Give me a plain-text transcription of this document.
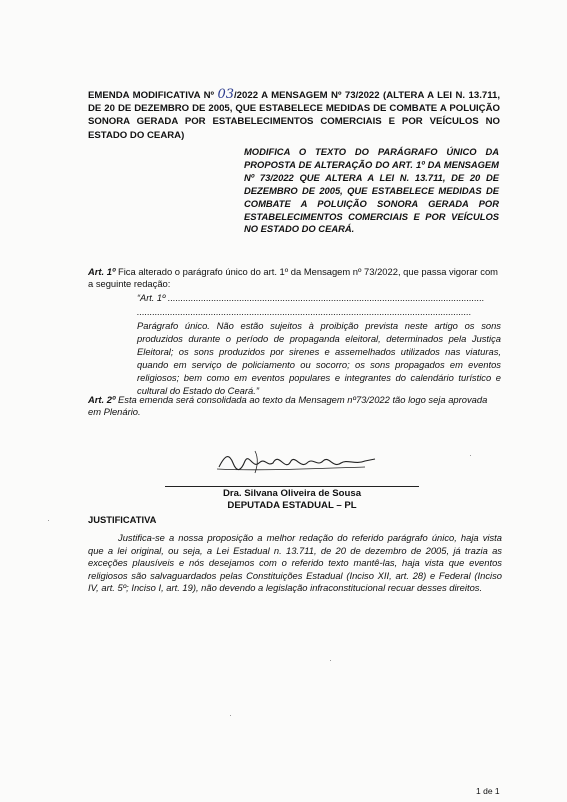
EMENDA MODIFICATIVA Nº 03/2022 A MENSAGEM Nº 73/2022 (ALTERA A LEI N. 13.711, DE 20 DE DEZEMBRO DE 2005, QUE ESTABELECE MEDIDAS DE COMBATE A POLUIÇÃO SONORA GERADA POR ESTABELECIMENTOS COMERCIAIS E POR VEÍCULOS NO ESTADO DO CEARA)
MODIFICA O TEXTO DO PARÁGRAFO ÚNICO DA PROPOSTA DE ALTERAÇÃO DO ART. 1º DA MENSAGEM Nº 73/2022 QUE ALTERA A LEI N. 13.711, DE 20 DE DEZEMBRO DE 2005, QUE ESTABELECE MEDIDAS DE COMBATE A POLUIÇÃO SONORA GERADA POR ESTABELECIMENTOS COMERCIAIS E POR VEÍCULOS NO ESTADO DO CEARÁ.
Art. 1º Fica alterado o parágrafo único do art. 1º da Mensagem nº 73/2022, que passa vigorar com a seguinte redação:
“Art. 1º ............................................................................................................................
...................................................................................................................................
Parágrafo único. Não estão sujeitos à proibição prevista neste artigo os sons produzidos durante o período de propaganda eleitoral, determinados pela Justiça Eleitoral; os sons produzidos por sirenes e assemelhados utilizados nas viaturas, quando em serviço de policiamento ou socorro; os sons propagados em eventos religiosos; bem como em eventos populares e integrantes do calendário turístico e cultural do Estado do Ceará.”
Art. 2º Esta emenda será consolidada ao texto da Mensagem nº73/2022 tão logo seja aprovada em Plenário.
Dra. Silvana Oliveira de Sousa
DEPUTADA ESTADUAL – PL
JUSTIFICATIVA
Justifica-se a nossa proposição a melhor redação do referido parágrafo único, haja vista que a lei original, ou seja, a Lei Estadual n. 13.711, de 20 de dezembro de 2005, já trazia as exceções plausíveis e nós desejamos com o referido texto mantê-las, haja vista que eventos religiosos são salvaguardados pelas Constituições Estadual (Inciso XII, art. 28) e Federal (Inciso IV, art. 5º; Inciso I, art. 19), não devendo a legislação infraconstitucional recuar desses direitos.
1 de 1
